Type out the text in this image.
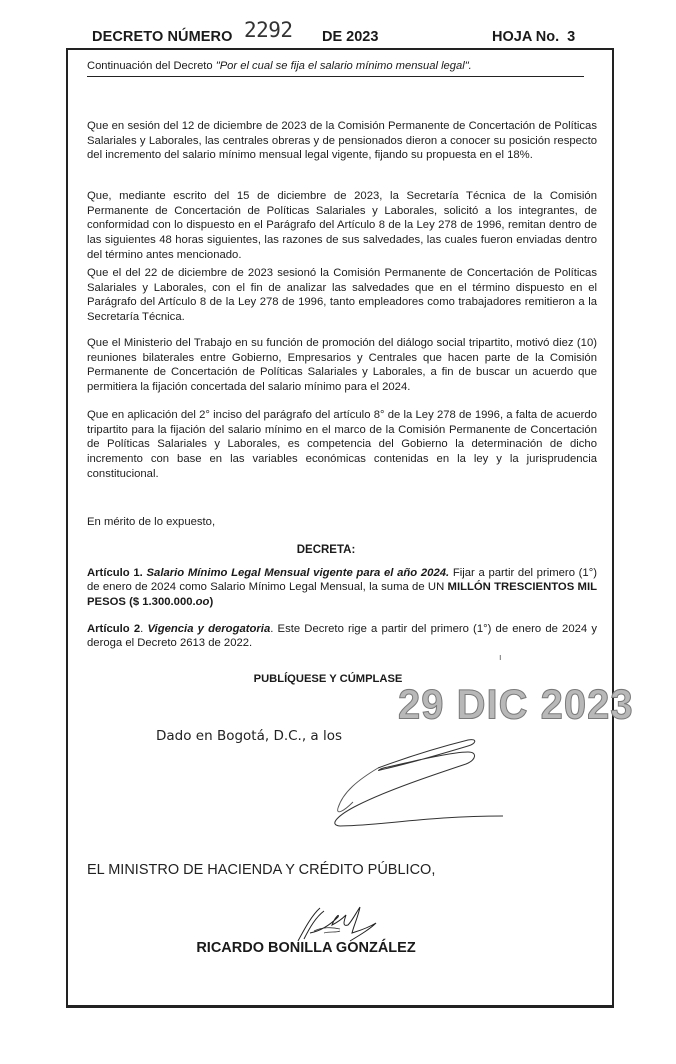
DECRETO NÚMERO 2292 DE 2023	HOJA No. 3
Continuación del Decreto "Por el cual se fija el salario mínimo mensual legal".

Que en sesión del 12 de diciembre de 2023 de la Comisión Permanente de Concertación de Políticas Salariales y Laborales, las centrales obreras y de pensionados dieron a conocer su posición respecto del incremento del salario mínimo mensual legal vigente, fijando su propuesta en el 18%.

Que, mediante escrito del 15 de diciembre de 2023, la Secretaría Técnica de la Comisión Permanente de Concertación de Políticas Salariales y Laborales, solicitó a los integrantes, de conformidad con lo dispuesto en el Parágrafo del Artículo 8 de la Ley 278 de 1996, remitan dentro de las siguientes 48 horas siguientes, las razones de sus salvedades, las cuales fueron enviadas dentro del término antes mencionado.

Que el del 22 de diciembre de 2023 sesionó la Comisión Permanente de Concertación de Políticas Salariales y Laborales, con el fin de analizar las salvedades que en el término dispuesto en el Parágrafo del Artículo 8 de la Ley 278 de 1996, tanto empleadores como trabajadores remitieron a la Secretaría Técnica.

Que el Ministerio del Trabajo en su función de promoción del diálogo social tripartito, motivó diez (10) reuniones bilaterales entre Gobierno, Empresarios y Centrales que hacen parte de la Comisión Permanente de Concertación de Políticas Salariales y Laborales, a fin de buscar un acuerdo que permitiera la fijación concertada del salario mínimo para el 2024.

Que en aplicación del 2° inciso del parágrafo del artículo 8° de la Ley 278 de 1996, a falta de acuerdo tripartito para la fijación del salario mínimo en el marco de la Comisión Permanente de Concertación de Políticas Salariales y Laborales, es competencia del Gobierno la determinación de dicho incremento con base en las variables económicas contenidas en la ley y la jurisprudencia constitucional.

En mérito de lo expuesto,

DECRETA:

Artículo 1. Salario Mínimo Legal Mensual vigente para el año 2024. Fijar a partir del primero (1°) de enero de 2024 como Salario Mínimo Legal Mensual, la suma de UN MILLÓN TRESCIENTOS MIL PESOS ($ 1.300.000.oo)

Artículo 2. Vigencia y derogatoria. Este Decreto rige a partir del primero (1°) de enero de 2024 y deroga el Decreto 2613 de 2022.

ı
PUBLÍQUESE Y CÚMPLASE
29 DIC 2023
Dado en Bogotá, D.C., a los
EL MINISTRO DE HACIENDA Y CRÉDITO PÚBLICO,
RICARDO BONILLA GONZÁLEZ
